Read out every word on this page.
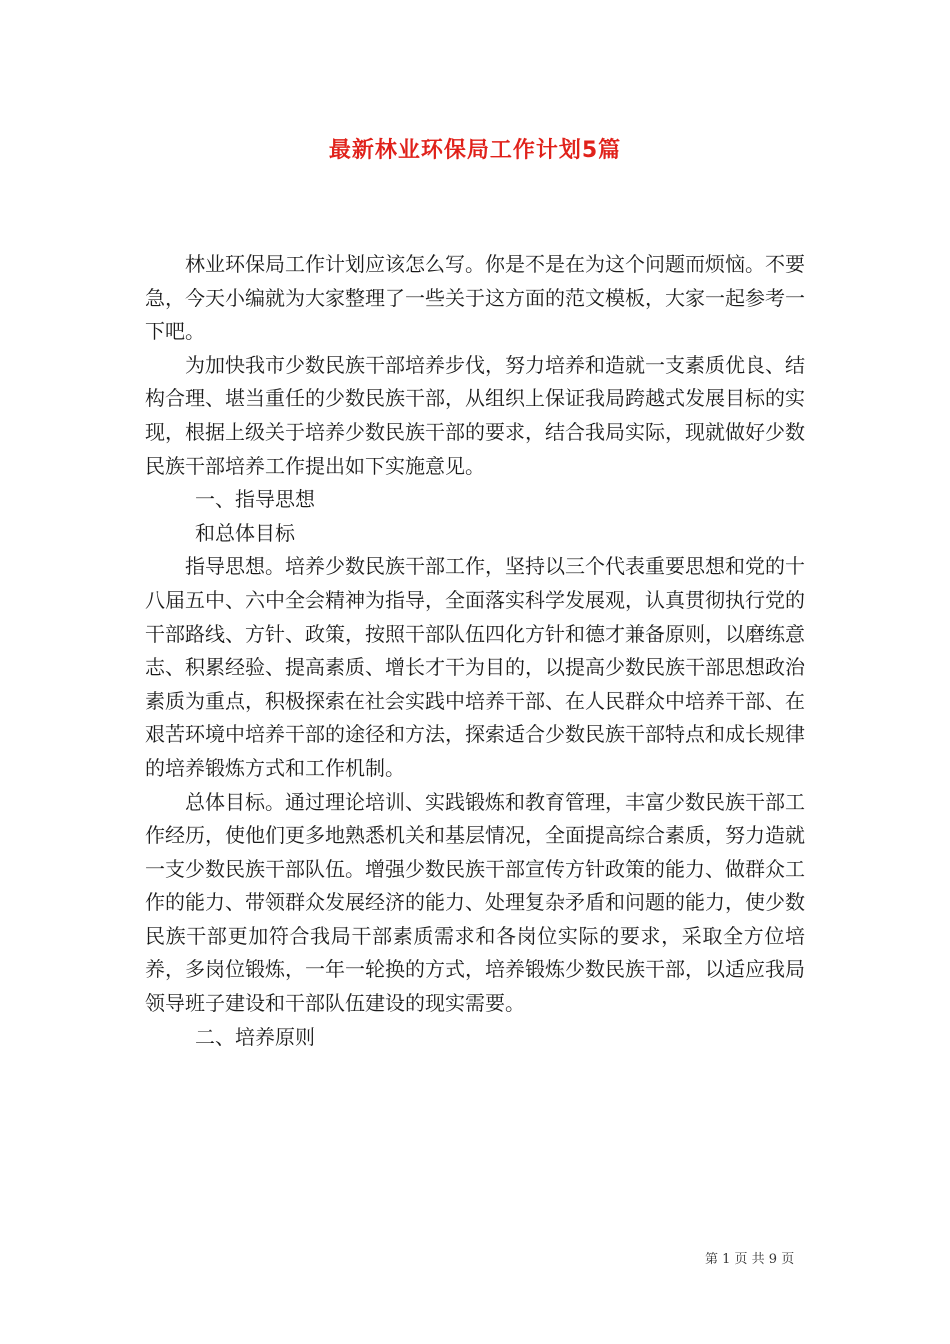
最新林业环保局工作计划5篇

林业环保局工作计划应该怎么写。你是不是在为这个问题而烦恼。不要急，今天小编就为大家整理了一些关于这方面的范文模板，大家一起参考一下吧。

为加快我市少数民族干部培养步伐，努力培养和造就一支素质优良、结构合理、堪当重任的少数民族干部，从组织上保证我局跨越式发展目标的实现，根据上级关于培养少数民族干部的要求，结合我局实际，现就做好少数民族干部培养工作提出如下实施意见。

一、指导思想

和总体目标

指导思想。培养少数民族干部工作，坚持以三个代表重要思想和党的十八届五中、六中全会精神为指导，全面落实科学发展观，认真贯彻执行党的干部路线、方针、政策，按照干部队伍四化方针和德才兼备原则，以磨练意志、积累经验、提高素质、增长才干为目的，以提高少数民族干部思想政治素质为重点，积极探索在社会实践中培养干部、在人民群众中培养干部、在艰苦环境中培养干部的途径和方法，探索适合少数民族干部特点和成长规律的培养锻炼方式和工作机制。

总体目标。通过理论培训、实践锻炼和教育管理，丰富少数民族干部工作经历，使他们更多地熟悉机关和基层情况，全面提高综合素质，努力造就一支少数民族干部队伍。增强少数民族干部宣传方针政策的能力、做群众工作的能力、带领群众发展经济的能力、处理复杂矛盾和问题的能力，使少数民族干部更加符合我局干部素质需求和各岗位实际的要求，采取全方位培养，多岗位锻炼，一年一轮换的方式，培养锻炼少数民族干部，以适应我局领导班子建设和干部队伍建设的现实需要。

二、培养原则

第 1 页 共 9 页
